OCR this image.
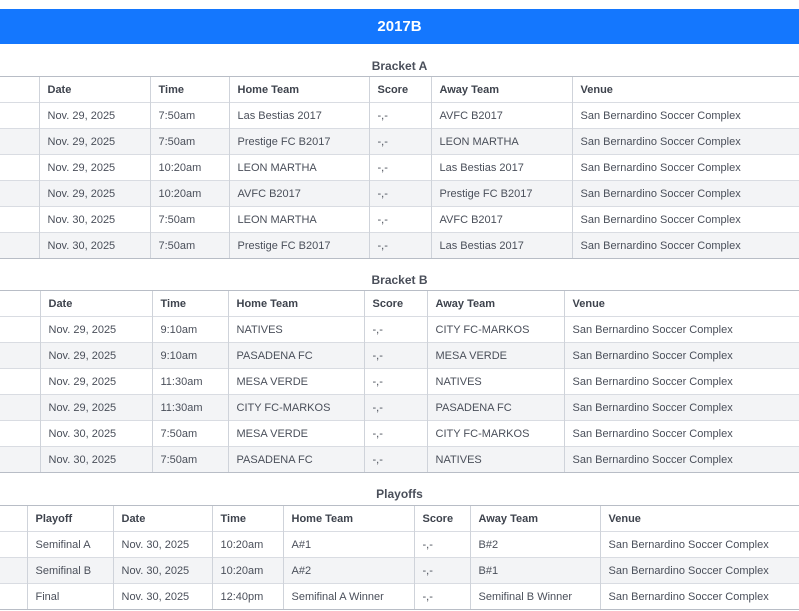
2017B
Bracket A
	Date	Time	Home Team	Score	Away Team	Venue
	Nov. 29, 2025	7:50am	Las Bestias 2017	-,-	AVFC B2017	San Bernardino Soccer Complex
	Nov. 29, 2025	7:50am	Prestige FC B2017	-,-	LEON MARTHA	San Bernardino Soccer Complex
	Nov. 29, 2025	10:20am	LEON MARTHA	-,-	Las Bestias 2017	San Bernardino Soccer Complex
	Nov. 29, 2025	10:20am	AVFC B2017	-,-	Prestige FC B2017	San Bernardino Soccer Complex
	Nov. 30, 2025	7:50am	LEON MARTHA	-,-	AVFC B2017	San Bernardino Soccer Complex
	Nov. 30, 2025	7:50am	Prestige FC B2017	-,-	Las Bestias 2017	San Bernardino Soccer Complex
Bracket B
	Date	Time	Home Team	Score	Away Team	Venue
	Nov. 29, 2025	9:10am	NATIVES	-,-	CITY FC-MARKOS	San Bernardino Soccer Complex
	Nov. 29, 2025	9:10am	PASADENA FC	-,-	MESA VERDE	San Bernardino Soccer Complex
	Nov. 29, 2025	11:30am	MESA VERDE	-,-	NATIVES	San Bernardino Soccer Complex
	Nov. 29, 2025	11:30am	CITY FC-MARKOS	-,-	PASADENA FC	San Bernardino Soccer Complex
	Nov. 30, 2025	7:50am	MESA VERDE	-,-	CITY FC-MARKOS	San Bernardino Soccer Complex
	Nov. 30, 2025	7:50am	PASADENA FC	-,-	NATIVES	San Bernardino Soccer Complex
Playoffs
	Playoff	Date	Time	Home Team	Score	Away Team	Venue
	Semifinal A	Nov. 30, 2025	10:20am	A#1	-,-	B#2	San Bernardino Soccer Complex
	Semifinal B	Nov. 30, 2025	10:20am	A#2	-,-	B#1	San Bernardino Soccer Complex
	Final	Nov. 30, 2025	12:40pm	Semifinal A Winner	-,-	Semifinal B Winner	San Bernardino Soccer Complex
